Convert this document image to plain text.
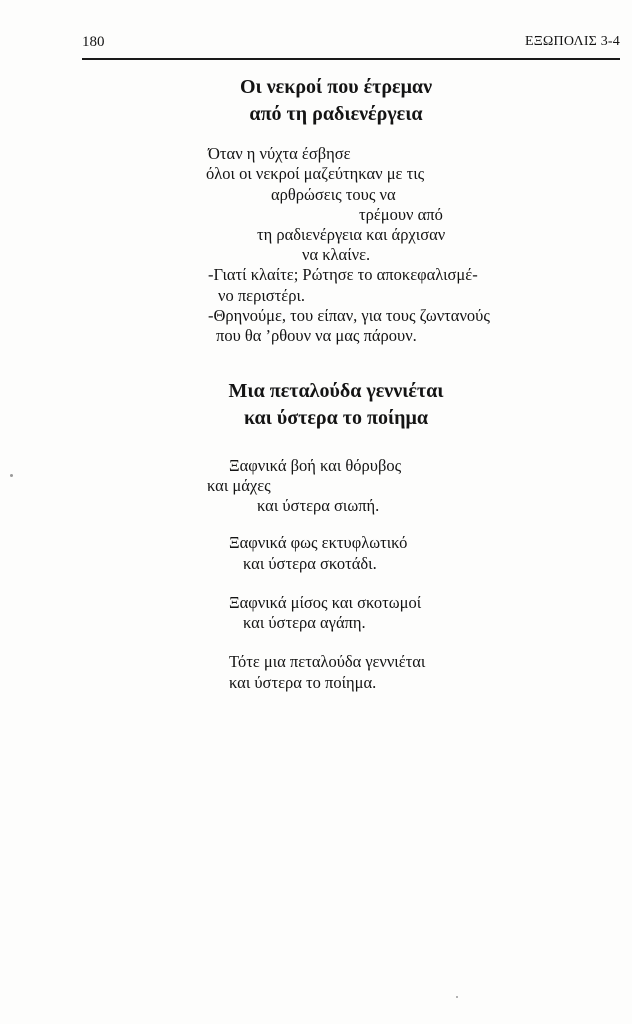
180	ΕΞΩΠΟΛΙΣ 3-4
Οι νεκροί που έτρεμαν
από τη ραδιενέργεια
Όταν η νύχτα έσβησε
όλοι οι νεκροί μαζεύτηκαν με τις
αρθρώσεις τους να
τρέμουν από
τη ραδιενέργεια και άρχισαν
να κλαίνε.
-Γιατί κλαίτε; Ρώτησε το αποκεφαλισμέ-
νο περιστέρι.
-Θρηνούμε, του είπαν, για τους ζωντανούς
που θα ’ρθουν να μας πάρουν.
Μια πεταλούδα γεννιέται
και ύστερα το ποίημα
Ξαφνικά βοή και θόρυβος
και μάχες
και ύστερα σιωπή.
Ξαφνικά φως εκτυφλωτικό
και ύστερα σκοτάδι.
Ξαφνικά μίσος και σκοτωμοί
και ύστερα αγάπη.
Τότε μια πεταλούδα γεννιέται
και ύστερα το ποίημα.
